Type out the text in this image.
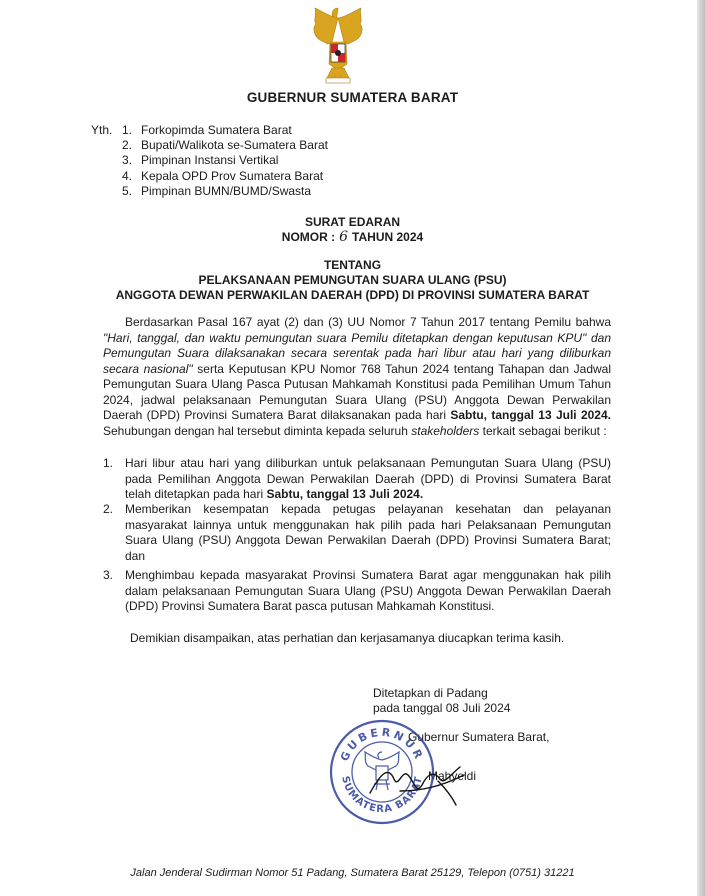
GUBERNUR SUMATERA BARAT
Yth. 1. Forkopimda Sumatera Barat
2. Bupati/Walikota se-Sumatera Barat
3. Pimpinan Instansi Vertikal
4. Kepala OPD Prov Sumatera Barat
5. Pimpinan BUMN/BUMD/Swasta
SURAT EDARAN
NOMOR : 6 TAHUN 2024
TENTANG
PELAKSANAAN PEMUNGUTAN SUARA ULANG (PSU)
ANGGOTA DEWAN PERWAKILAN DAERAH (DPD) DI PROVINSI SUMATERA BARAT

Berdasarkan Pasal 167 ayat (2) dan (3) UU Nomor 7 Tahun 2017 tentang Pemilu bahwa "Hari, tanggal, dan waktu pemungutan suara Pemilu ditetapkan dengan keputusan KPU" dan Pemungutan Suara dilaksanakan secara serentak pada hari libur atau hari yang diliburkan secara nasional" serta Keputusan KPU Nomor 768 Tahun 2024 tentang Tahapan dan Jadwal Pemungutan Suara Ulang Pasca Putusan Mahkamah Konstitusi pada Pemilihan Umum Tahun 2024, jadwal pelaksanaan Pemungutan Suara Ulang (PSU) Anggota Dewan Perwakilan Daerah (DPD) Provinsi Sumatera Barat dilaksanakan pada hari Sabtu, tanggal 13 Juli 2024. Sehubungan dengan hal tersebut diminta kepada seluruh stakeholders terkait sebagai berikut :

1. Hari libur atau hari yang diliburkan untuk pelaksanaan Pemungutan Suara Ulang (PSU) pada Pemilihan Anggota Dewan Perwakilan Daerah (DPD) di Provinsi Sumatera Barat telah ditetapkan pada hari Sabtu, tanggal 13 Juli 2024.
2. Memberikan kesempatan kepada petugas pelayanan kesehatan dan pelayanan masyarakat lainnya untuk menggunakan hak pilih pada hari Pelaksanaan Pemungutan Suara Ulang (PSU) Anggota Dewan Perwakilan Daerah (DPD) Provinsi Sumatera Barat; dan
3. Menghimbau kepada masyarakat Provinsi Sumatera Barat agar menggunakan hak pilih dalam pelaksanaan Pemungutan Suara Ulang (PSU) Anggota Dewan Perwakilan Daerah (DPD) Provinsi Sumatera Barat pasca putusan Mahkamah Konstitusi.
Demikian disampaikan, atas perhatian dan kerjasamanya diucapkan terima kasih.
Ditetapkan di Padang
pada tanggal 08 Juli 2024
Gubernur Sumatera Barat,
Mahyeldi
GUBERNUR
SUMATERA BARAT
Jalan Jenderal Sudirman Nomor 51 Padang, Sumatera Barat 25129, Telepon (0751) 31221
